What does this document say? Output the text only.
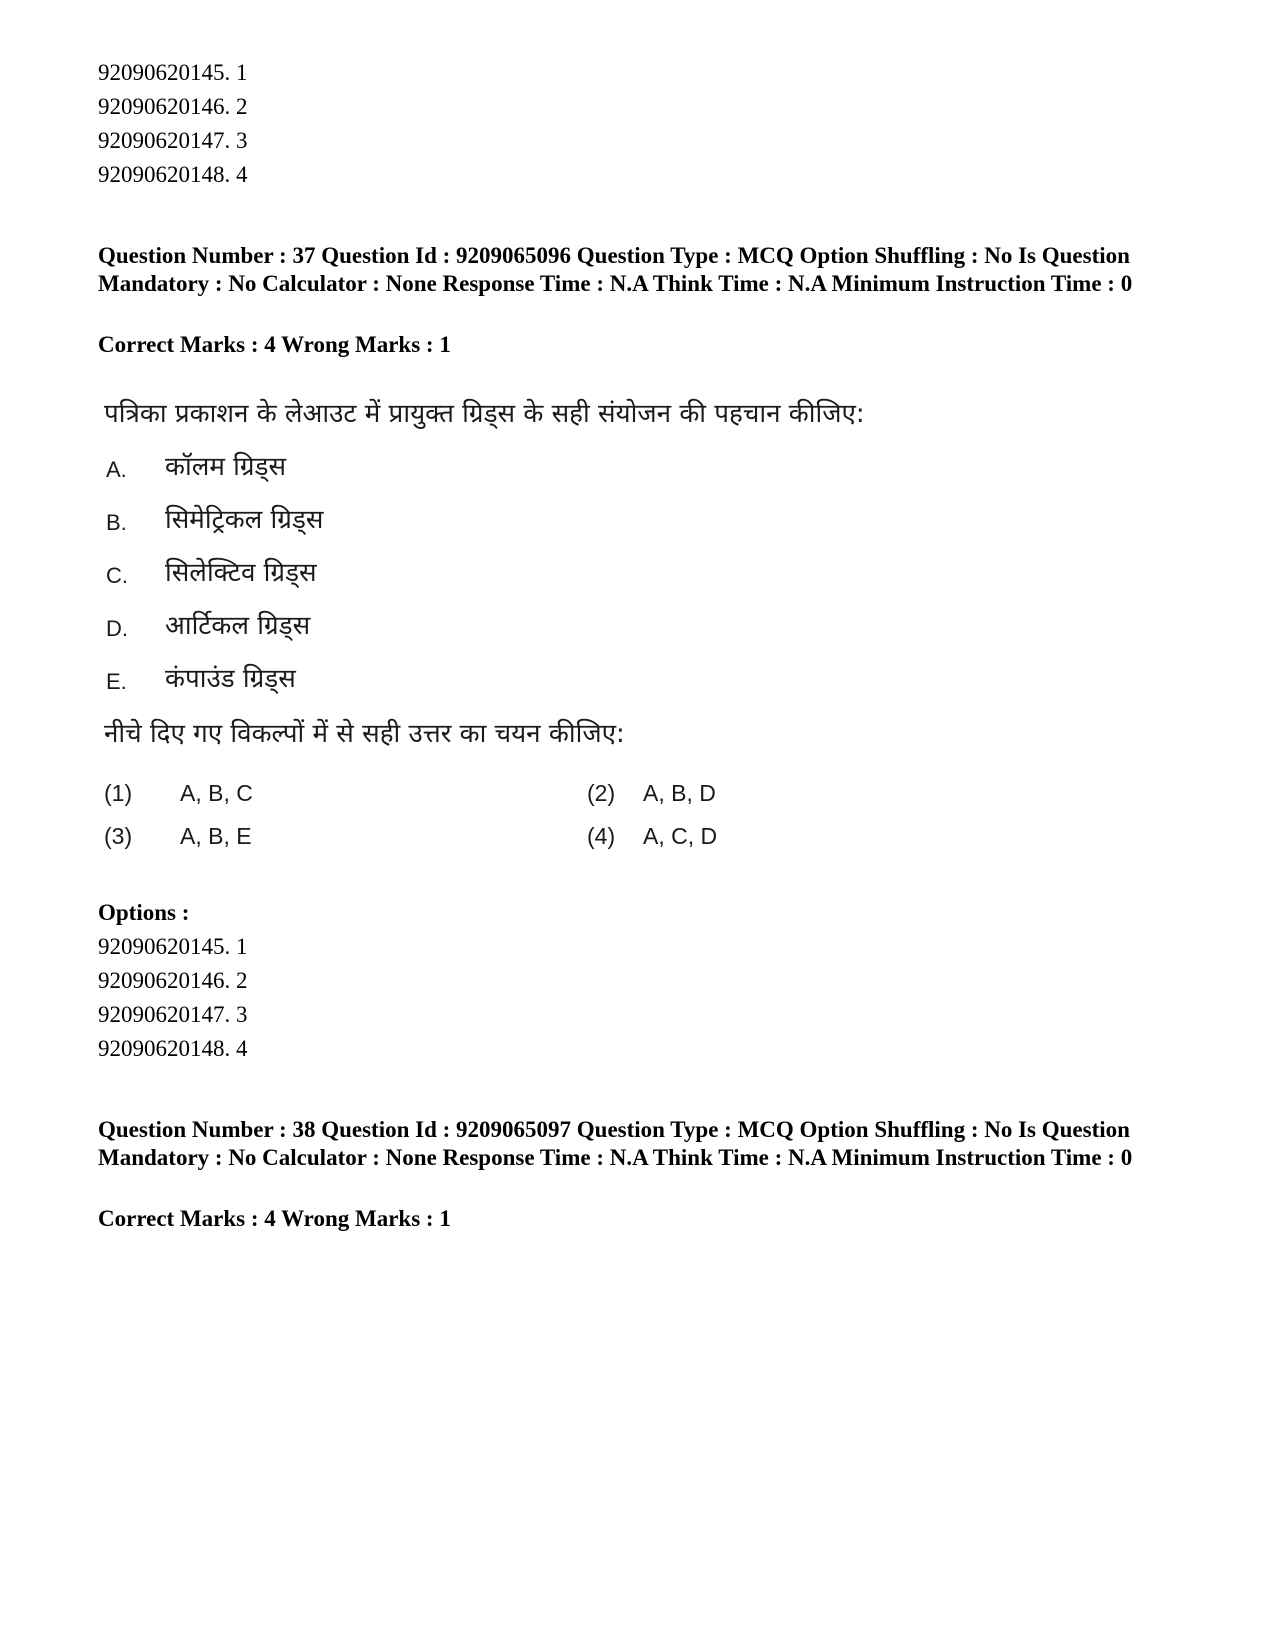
92090620145. 1
92090620146. 2
92090620147. 3
92090620148. 4
Question Number : 37 Question Id : 9209065096 Question Type : MCQ Option Shuffling : No Is Question Mandatory : No Calculator : None Response Time : N.A Think Time : N.A Minimum Instruction Time : 0
Correct Marks : 4 Wrong Marks : 1
पत्रिका प्रकाशन के लेआउट में प्रायुक्त ग्रिड्स के सही संयोजन की पहचान कीजिए:
A. कॉलम ग्रिड्स
B. सिमेट्रिकल ग्रिड्स
C. सिलेक्टिव ग्रिड्स
D. आर्टिकल ग्रिड्स
E. कंपाउंड ग्रिड्स
नीचे दिए गए विकल्पों में से सही उत्तर का चयन कीजिए:
(1) A, B, C	(2) A, B, D
(3) A, B, E	(4) A, C, D
Options :
92090620145. 1
92090620146. 2
92090620147. 3
92090620148. 4
Question Number : 38 Question Id : 9209065097 Question Type : MCQ Option Shuffling : No Is Question Mandatory : No Calculator : None Response Time : N.A Think Time : N.A Minimum Instruction Time : 0
Correct Marks : 4 Wrong Marks : 1
